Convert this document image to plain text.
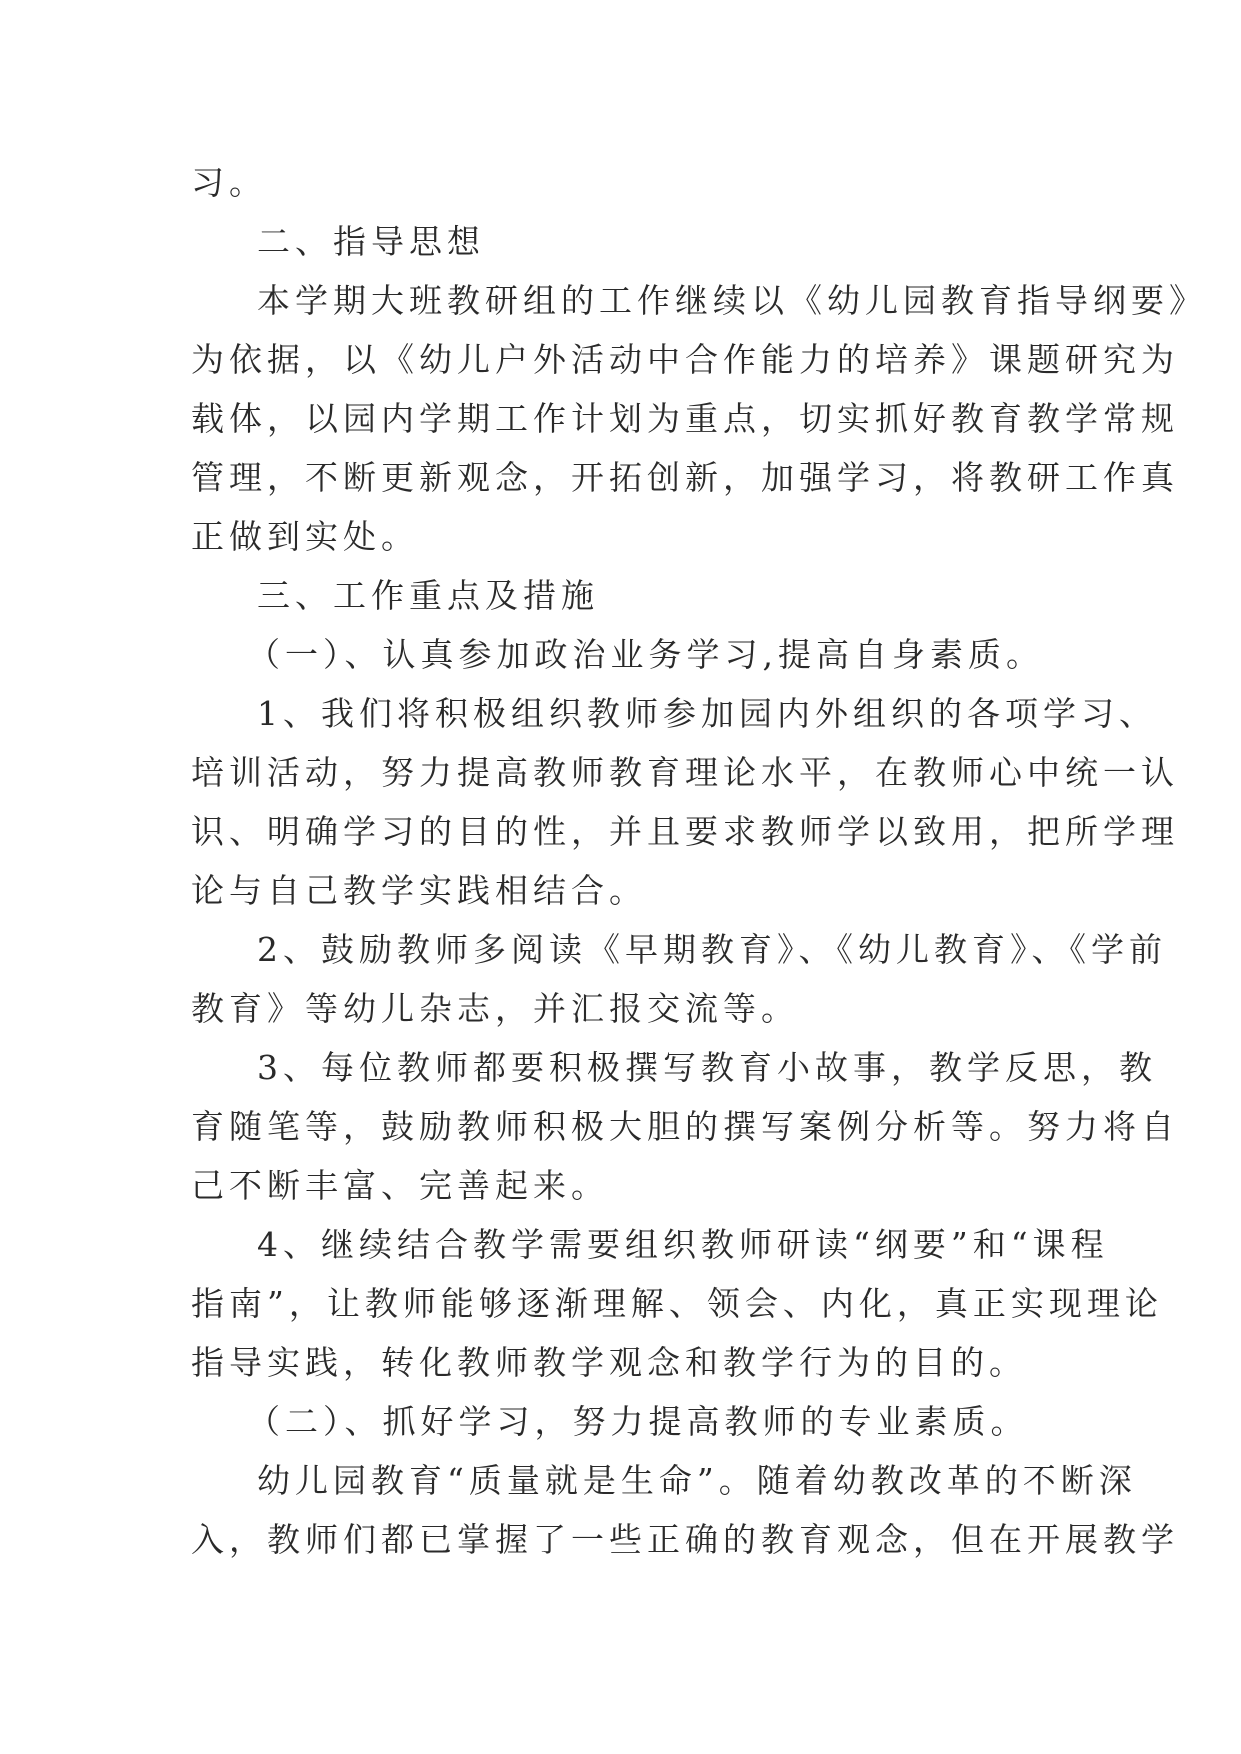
习。
二、指导思想
本学期大班教研组的工作继续以《幼儿园教育指导纲要》
为依据，以《幼儿户外活动中合作能力的培养》课题研究为
载体，以园内学期工作计划为重点，切实抓好教育教学常规
管理，不断更新观念，开拓创新，加强学习，将教研工作真
正做到实处。
三、工作重点及措施
（一）、认真参加政治业务学习,提高自身素质。
1、我们将积极组织教师参加园内外组织的各项学习、
培训活动，努力提高教师教育理论水平，在教师心中统一认
识、明确学习的目的性，并且要求教师学以致用，把所学理
论与自己教学实践相结合。
2、鼓励教师多阅读《早期教育》、《幼儿教育》、《学前
教育》等幼儿杂志，并汇报交流等。
3、每位教师都要积极撰写教育小故事，教学反思，教
育随笔等，鼓励教师积极大胆的撰写案例分析等。努力将自
己不断丰富、完善起来。
4、继续结合教学需要组织教师研读“纲要”和“课程
指南”，让教师能够逐渐理解、领会、内化，真正实现理论
指导实践，转化教师教学观念和教学行为的目的。
（二）、抓好学习，努力提高教师的专业素质。
幼儿园教育“质量就是生命”。随着幼教改革的不断深
入，教师们都已掌握了一些正确的教育观念，但在开展教学
